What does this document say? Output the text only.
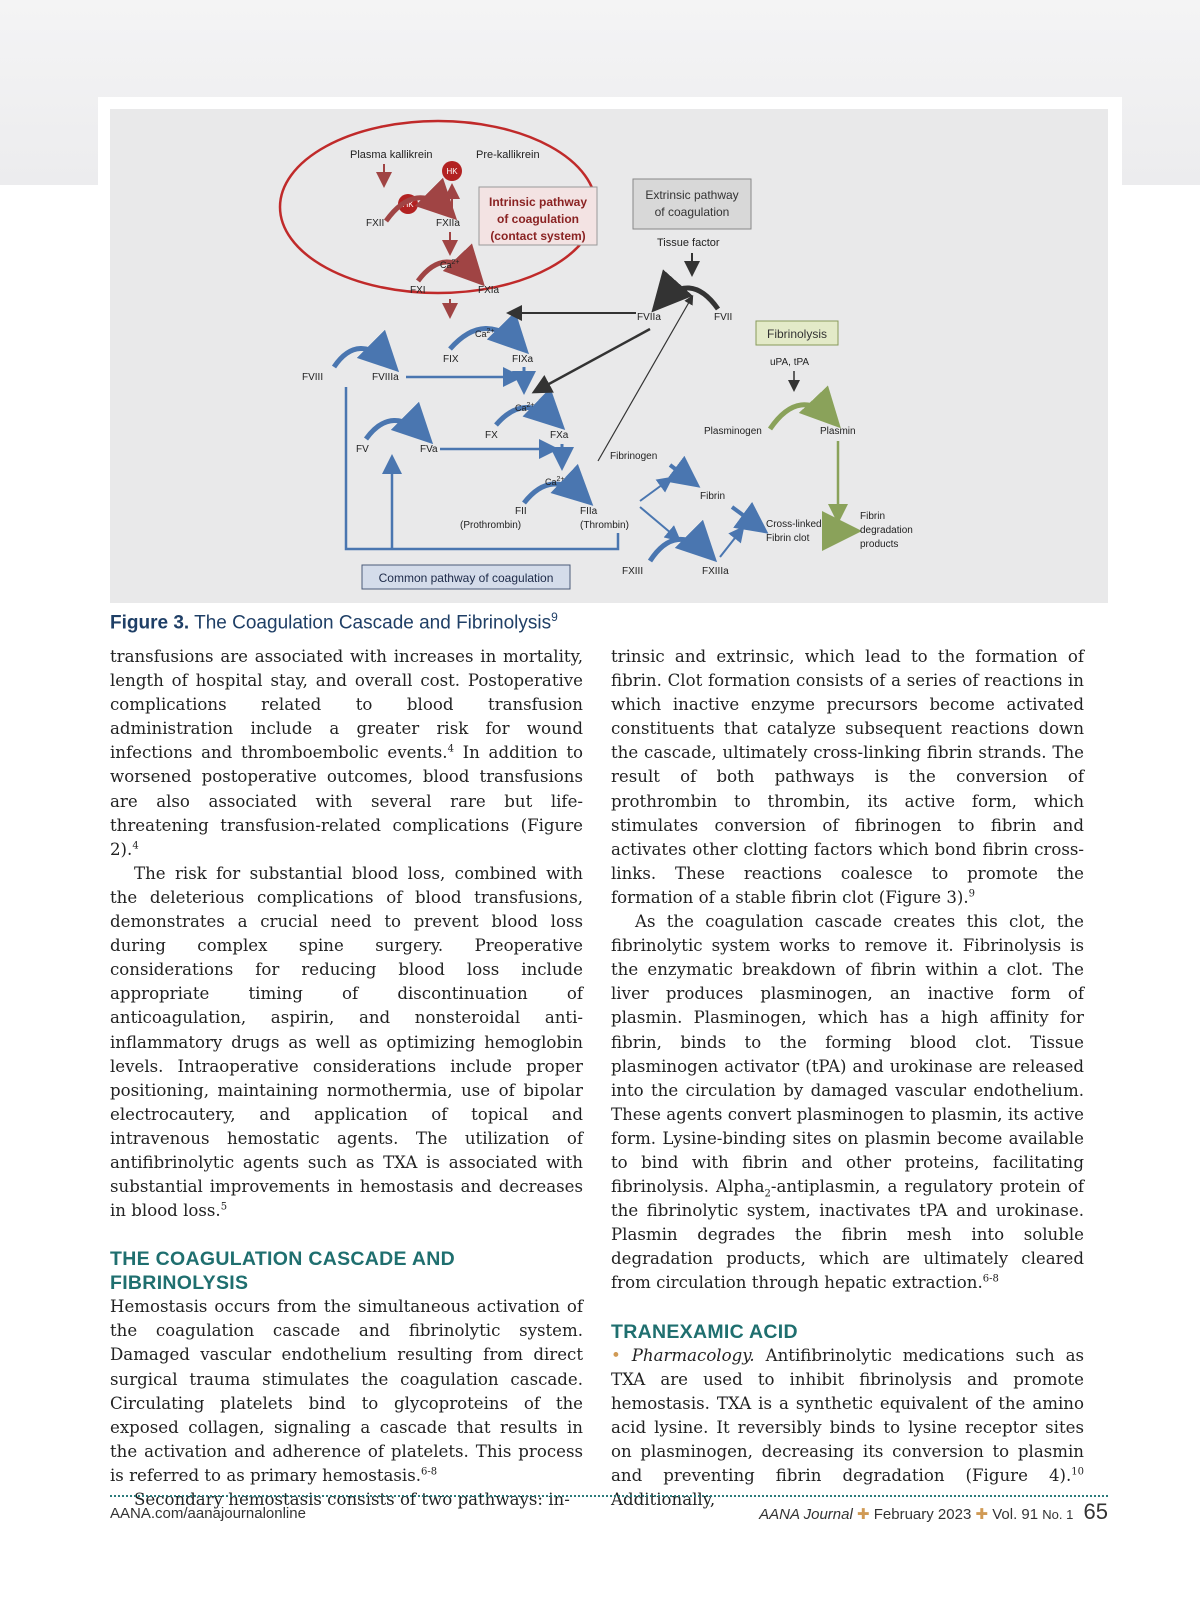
Intrinsic pathway
of coagulation
(contact system)
Extrinsic pathway
of coagulation
Plasma kallikrein	Pre-kallikrein
HK
HK
FXII	FXIIa
$Ca^{2+}$
FXI	FXIa
$Ca^{2+}$
FIX	FIXa
FVIII	FVIIIa
$Ca^{2+}$
FX	FXa
FV	FVa
$Ca^{2+}$
FII
(Prothrombin)
FIIa
(Thrombin)
Common pathway of coagulation
Tissue factor
FVIIa	FVII
Fibrinogen
Fibrin
FXIII	FXIIIa
Fibrinolysis
uPA, tPA
Plasminogen	Plasmin
Cross-linked
Fibrin clot
Fibrin
degradation
products
Figure 3. The Coagulation Cascade and Fibrinolysis$^9$

transfusions are associated with increases in mortality, length of hospital stay, and overall cost. Postoperative complications related to blood transfusion administration include a greater risk for wound infections and thromboembolic events.$^4$ In addition to worsened postoperative outcomes, blood transfusions are also associated with several rare but life-threatening transfusion-related complications (Figure 2).$^4$

The risk for substantial blood loss, combined with the deleterious complications of blood transfusions, demonstrates a crucial need to prevent blood loss during complex spine surgery. Preoperative considerations for reducing blood loss include appropriate timing of discontinuation of anticoagulation, aspirin, and nonsteroidal anti-inflammatory drugs as well as optimizing hemoglobin levels. Intraoperative considerations include proper positioning, maintaining normothermia, use of bipolar electrocautery, and application of topical and intravenous hemostatic agents. The utilization of antifibrinolytic agents such as TXA is associated with substantial improvements in hemostasis and decreases in blood loss.$^5$

THE COAGULATION CASCADE AND FIBRINOLYSIS

Hemostasis occurs from the simultaneous activation of the coagulation cascade and fibrinolytic system. Damaged vascular endothelium resulting from direct surgical trauma stimulates the coagulation cascade. Circulating platelets bind to glycoproteins of the exposed collagen, signaling a cascade that results in the activation and adherence of platelets. This process is referred to as primary hemostasis.$^{6-8}$

Secondary hemostasis consists of two pathways: in-

trinsic and extrinsic, which lead to the formation of fibrin. Clot formation consists of a series of reactions in which inactive enzyme precursors become activated constituents that catalyze subsequent reactions down the cascade, ultimately cross-linking fibrin strands. The result of both pathways is the conversion of prothrombin to thrombin, its active form, which stimulates conversion of fibrinogen to fibrin and activates other clotting factors which bond fibrin cross-links. These reactions coalesce to promote the formation of a stable fibrin clot (Figure 3).$^9$

As the coagulation cascade creates this clot, the fibrinolytic system works to remove it. Fibrinolysis is the enzymatic breakdown of fibrin within a clot. The liver produces plasminogen, an inactive form of plasmin. Plasminogen, which has a high affinity for fibrin, binds to the forming blood clot. Tissue plasminogen activator (tPA) and urokinase are released into the circulation by damaged vascular endothelium. These agents convert plasminogen to plasmin, its active form. Lysine-binding sites on plasmin become available to bind with fibrin and other proteins, facilitating fibrinolysis. Alpha$_2$-antiplasmin, a regulatory protein of the fibrinolytic system, inactivates tPA and urokinase. Plasmin degrades the fibrin mesh into soluble degradation products, which are ultimately cleared from circulation through hepatic extraction.$^{6-8}$

TRANEXAMIC ACID

• Pharmacology. Antifibrinolytic medications such as TXA are used to inhibit fibrinolysis and promote hemostasis. TXA is a synthetic equivalent of the amino acid lysine. It reversibly binds to lysine receptor sites on plasminogen, decreasing its conversion to plasmin and preventing fibrin degradation (Figure 4).$^{10}$ Additionally,

AANA.com/aanajournalonline	AANA Journal ✚ February 2023 ✚ Vol. 91 No. 1 65
